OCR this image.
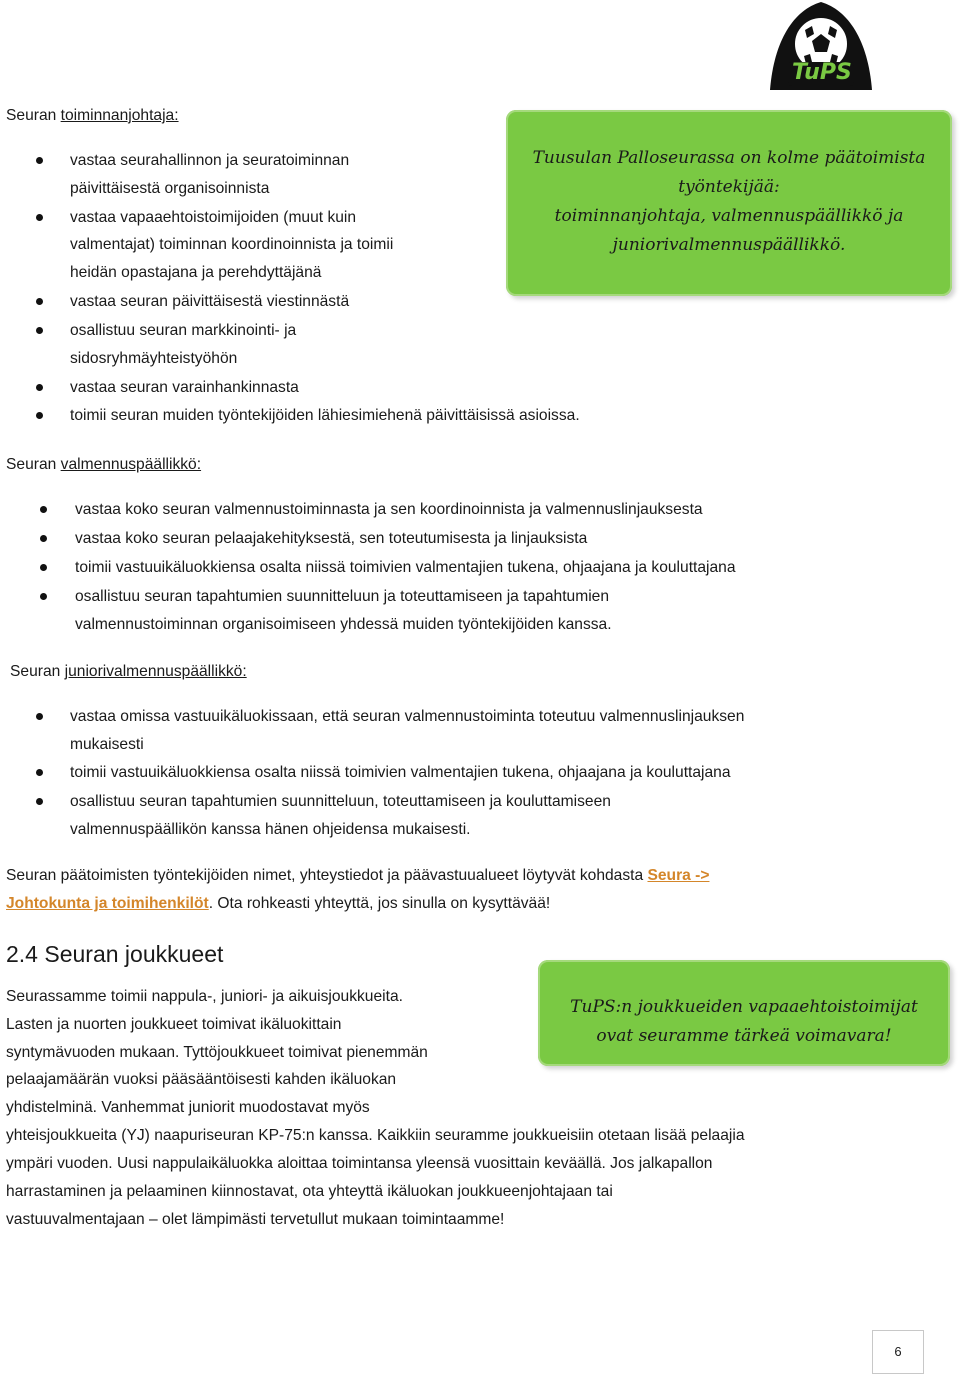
TuPS
Seuran toiminnanjohtaja:
vastaa seurahallinnon ja seuratoiminnan
päivittäisestä organisoinnista
vastaa vapaaehtoistoimijoiden (muut kuin
valmentajat) toiminnan koordinoinnista ja toimii
heidän opastajana ja perehdyttäjänä
vastaa seuran päivittäisestä viestinnästä
osallistuu seuran markkinointi- ja
sidosryhmäyhteistyöhön
vastaa seuran varainhankinnasta
toimii seuran muiden työntekijöiden lähiesimiehenä päivittäisissä asioissa.
Tuusulan Palloseurassa on kolme päätoimista
työntekijää:
toiminnanjohtaja, valmennuspäällikkö ja
juniorivalmennuspäällikkö.
Seuran valmennuspäällikkö:
vastaa koko seuran valmennustoiminnasta ja sen koordinoinnista ja valmennuslinjauksesta
vastaa koko seuran pelaajakehityksestä, sen toteutumisesta ja linjauksista
toimii vastuuikäluokkiensa osalta niissä toimivien valmentajien tukena, ohjaajana ja kouluttajana
osallistuu seuran tapahtumien suunnitteluun ja toteuttamiseen ja tapahtumien
valmennustoiminnan organisoimiseen yhdessä muiden työntekijöiden kanssa.
Seuran juniorivalmennuspäällikkö:
vastaa omissa vastuuikäluokissaan, että seuran valmennustoiminta toteutuu valmennuslinjauksen
mukaisesti
toimii vastuuikäluokkiensa osalta niissä toimivien valmentajien tukena, ohjaajana ja kouluttajana
osallistuu seuran tapahtumien suunnitteluun, toteuttamiseen ja kouluttamiseen
valmennuspäällikön kanssa hänen ohjeidensa mukaisesti.
Seuran päätoimisten työntekijöiden nimet, yhteystiedot ja päävastuualueet löytyvät kohdasta Seura ->
Johtokunta ja toimihenkilöt. Ota rohkeasti yhteyttä, jos sinulla on kysyttävää!
2.4 Seuran joukkueet
Seurassamme toimii nappula-, juniori- ja aikuisjoukkueita.
Lasten ja nuorten joukkueet toimivat ikäluokittain
syntymävuoden mukaan. Tyttöjoukkueet toimivat pienemmän
pelaajamäärän vuoksi pääsääntöisesti kahden ikäluokan
yhdistelminä. Vanhemmat juniorit muodostavat myös
yhteisjoukkueita (YJ) naapuriseuran KP-75:n kanssa. Kaikkiin seuramme joukkueisiin otetaan lisää pelaajia
ympäri vuoden. Uusi nappulaikäluokka aloittaa toimintansa yleensä vuosittain keväällä. Jos jalkapallon
harrastaminen ja pelaaminen kiinnostavat, ota yhteyttä ikäluokan joukkueenjohtajaan tai
vastuuvalmentajaan – olet lämpimästi tervetullut mukaan toimintaamme!
TuPS:n joukkueiden vapaaehtoistoimijat
ovat seuramme tärkeä voimavara!
6
